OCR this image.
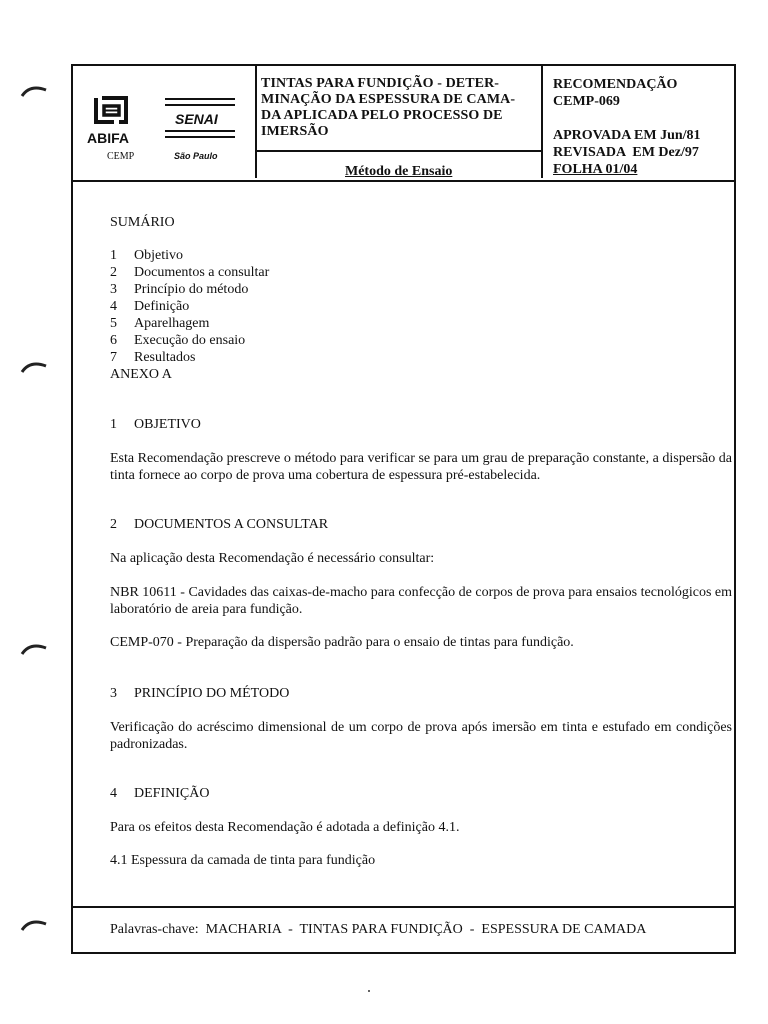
ABIFA
CEMP
SENAI
São Paulo
TINTAS PARA FUNDIÇÃO - DETER-
MINAÇÃO DA ESPESSURA DE CAMA-
DA APLICADA PELO PROCESSO DE
IMERSÃO
Método de Ensaio
RECOMENDAÇÃO
CEMP-069
APROVADA EM Jun/81
REVISADA  EM Dez/97
FOLHA 01/04
SUMÁRIO
1 Objetivo
2 Documentos a consultar
3 Princípio do método
4 Definição
5 Aparelhagem
6 Execução do ensaio
7 Resultados
ANEXO A
1 OBJETIVO
Esta Recomendação prescreve o método para verificar se para um grau de preparação constante, a dispersão da tinta fornece ao corpo de prova uma cobertura de espessura pré-estabelecida.
2 DOCUMENTOS A CONSULTAR
Na aplicação desta Recomendação é necessário consultar:
NBR 10611 - Cavidades das caixas-de-macho para confecção de corpos de prova para ensaios tecnológicos em laboratório de areia para fundição.
CEMP-070 - Preparação da dispersão padrão para o ensaio de tintas para fundição.
3 PRINCÍPIO DO MÉTODO
Verificação do acréscimo dimensional de um corpo de prova após imersão em tinta e estufado em condições padronizadas.
4 DEFINIÇÃO
Para os efeitos desta Recomendação é adotada a definição 4.1.
4.1 Espessura da camada de tinta para fundição
Palavras-chave:  MACHARIA  -  TINTAS PARA FUNDIÇÃO  -  ESPESSURA DE CAMADA
